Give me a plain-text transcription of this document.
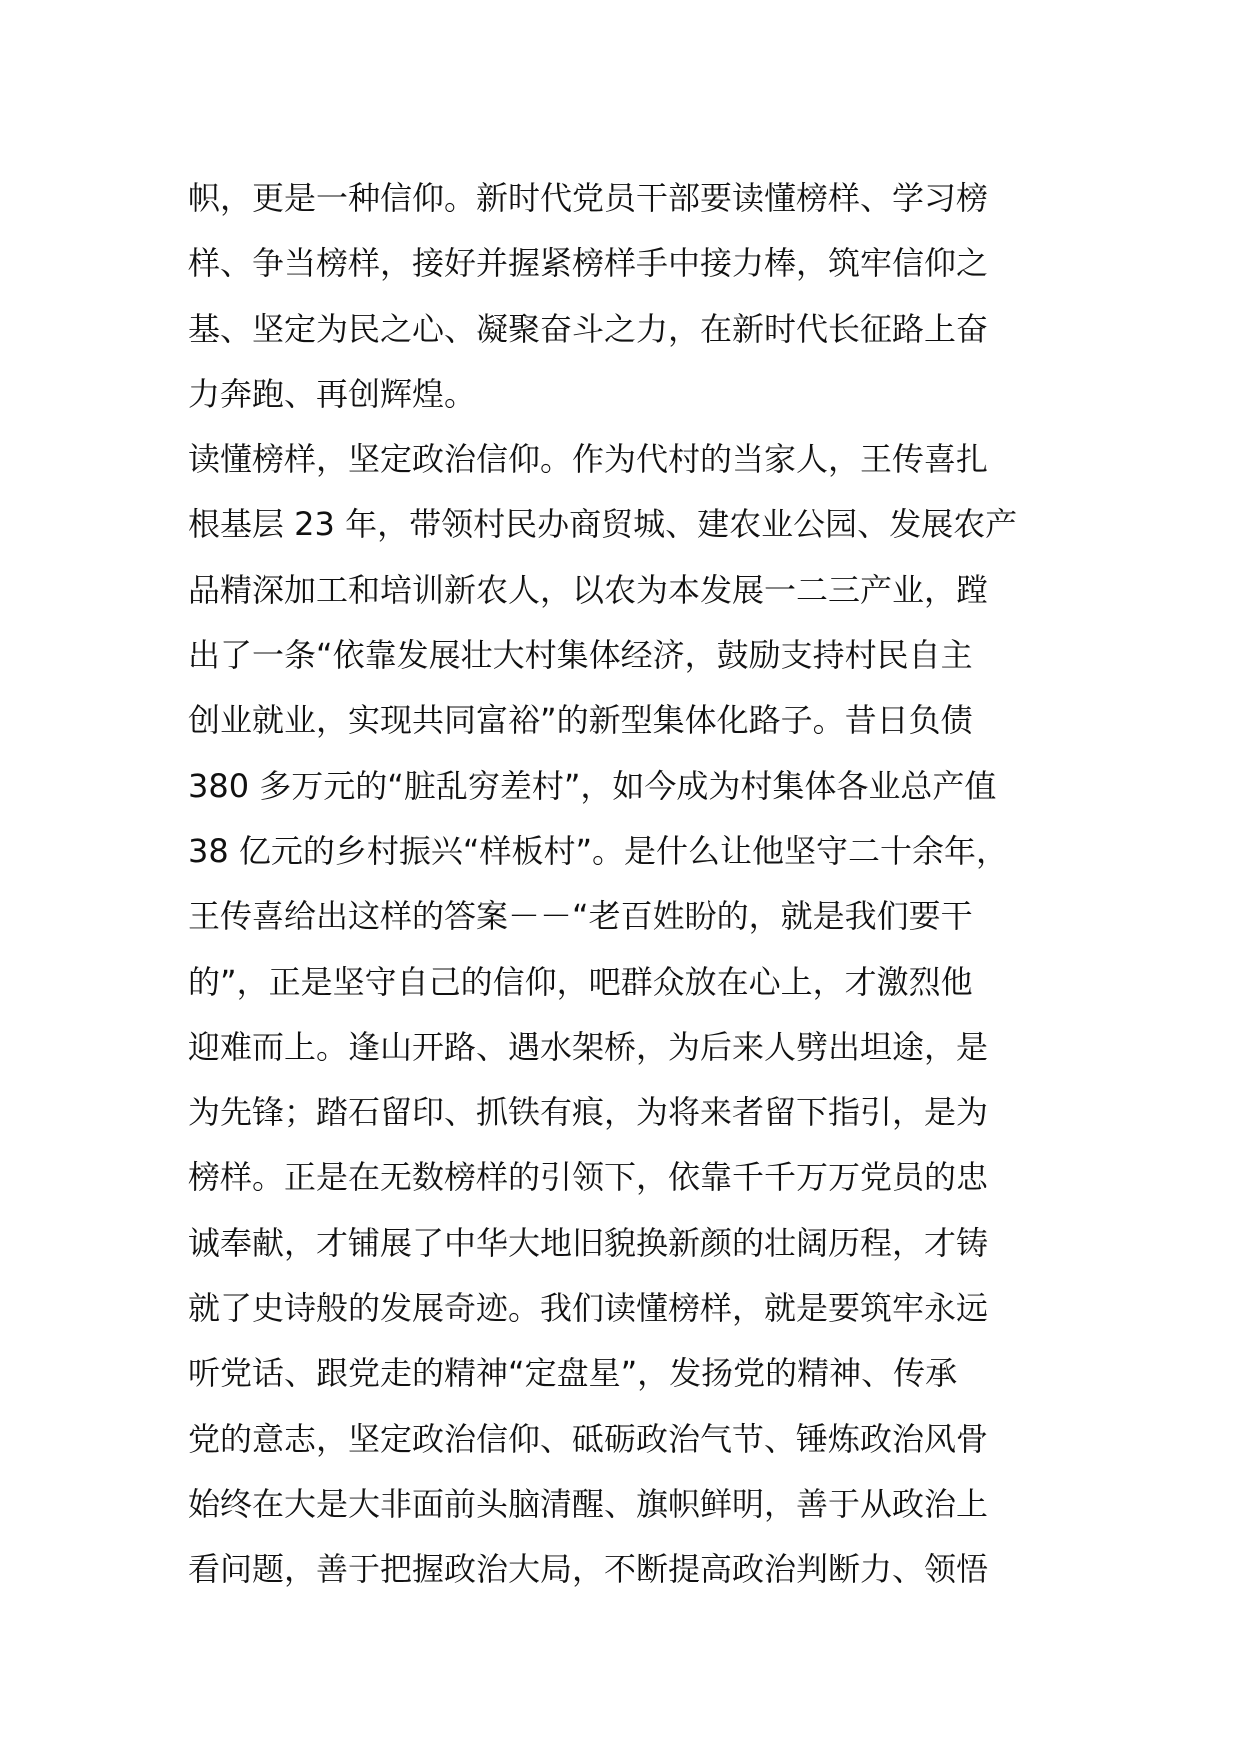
帜，更是一种信仰。新时代党员干部要读懂榜样、学习榜
样、争当榜样，接好并握紧榜样手中接力棒，筑牢信仰之
基、坚定为民之心、凝聚奋斗之力，在新时代长征路上奋
力奔跑、再创辉煌。
读懂榜样，坚定政治信仰。作为代村的当家人，王传喜扎
根基层 23 年，带领村民办商贸城、建农业公园、发展农产
品精深加工和培训新农人，以农为本发展一二三产业，蹚
出了一条“依靠发展壮大村集体经济，鼓励支持村民自主
创业就业，实现共同富裕”的新型集体化路子。昔日负债
380 多万元的“脏乱穷差村”，如今成为村集体各业总产值
38 亿元的乡村振兴“样板村”。是什么让他坚守二十余年，
王传喜给出这样的答案－－“老百姓盼的，就是我们要干
的”，正是坚守自己的信仰，吧群众放在心上，才激烈他
迎难而上。逢山开路、遇水架桥，为后来人劈出坦途，是
为先锋；踏石留印、抓铁有痕，为将来者留下指引，是为
榜样。正是在无数榜样的引领下，依靠千千万万党员的忠
诚奉献，才铺展了中华大地旧貌换新颜的壮阔历程，才铸
就了史诗般的发展奇迹。我们读懂榜样，就是要筑牢永远
听党话、跟党走的精神“定盘星”，发扬党的精神、传承
党的意志，坚定政治信仰、砥砺政治气节、锤炼政治风骨
始终在大是大非面前头脑清醒、旗帜鲜明，善于从政治上
看问题，善于把握政治大局，不断提高政治判断力、领悟
